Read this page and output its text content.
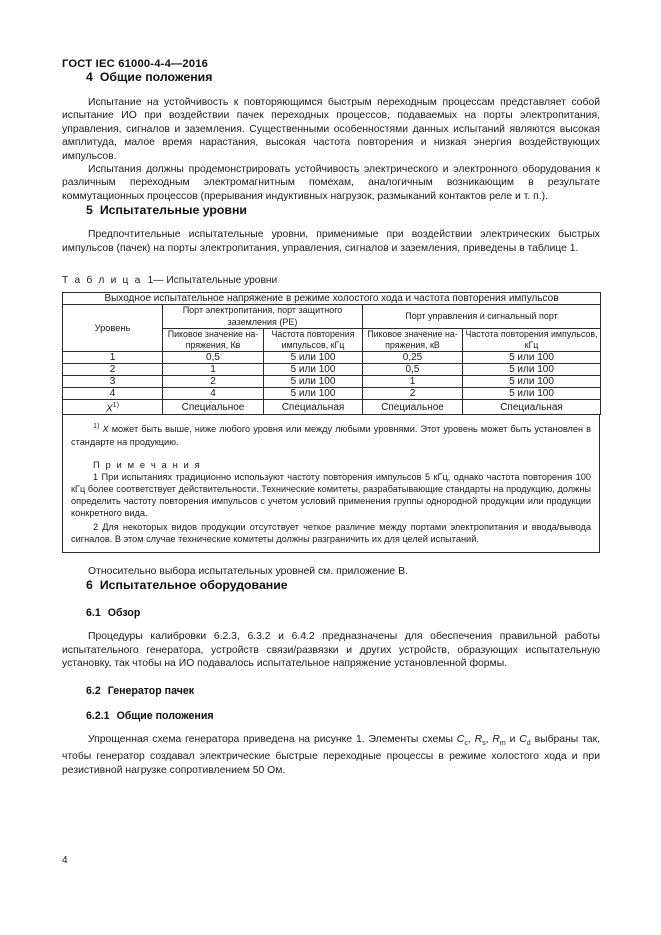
ГОСТ IEC 61000-4-4—2016
4 Общие положения

Испытание на устойчивость к повторяющимся быстрым переходным процессам представляет собой испытание ИО при воздействии пачек переходных процессов, подаваемых на порты электропитания, управления, сигналов и заземления. Существенными особенностями данных испытаний являются высокая амплитуда, малое время нарастания, высокая частота повторения и низкая энергия воздействующих импульсов.

Испытания должны продемонстрировать устойчивость электрического и электронного оборудования к различным переходным электромагнитным помехам, аналогичным возникающим в результате коммутационных процессов (прерывания индуктивных нагрузок, размыканий контактов реле и т. п.).

5 Испытательные уровни

Предпочтительные испытательные уровни, применимые при воздействии электрических быстрых импульсов (пачек) на порты электропитания, управления, сигналов и заземления, приведены в таблице 1.

Т а б л и ц а 1— Испытательные уровни

Выходное испытательное напряжение в режиме холостого хода и частота повторения импульсов				
Уровень	Порт электропитания, порт защитного заземления (PE)		Порт управления и сигнальный порт	
	Пиковое значение напряжения, Кв	Частота повторения импульсов, кГц	Пиковое значение напряжения, кВ	Частота повторения импульсов, кГц
1	0,5	5 или 100	0,25	5 или 100
2	1	5 или 100	0,5	5 или 100
3	2	5 или 100	1	5 или 100
4	4	5 или 100	2	5 или 100
X$^{1)}$	Специальное	Специальная	Специальное	Специальная

$^{1)}$ X может быть выше, ниже любого уровня или между любыми уровнями. Этот уровень может быть установлен в стандарте на продукцию.

П р и м е ч а н и я

1 При испытаниях традиционно используют частоту повторения импульсов 5 кГц, однако частота повторения 100 кГц более соответствует действительности. Технические комитеты, разрабатывающие стандарты на продукцию, должны определить частоту повторения импульсов с учетом условий применения группы однородной продукции или продукции конкретного вида.

2 Для некоторых видов продукции отсутствует четкое различие между портами электропитания и ввода/вывода сигналов. В этом случае технические комитеты должны разграничить их для целей испытаний.

Относительно выбора испытательных уровней см. приложение В.

6 Испытательное оборудование
6.1 Обзор

Процедуры калибровки 6.2.3, 6.3.2 и 6.4.2 предназначены для обеспечения правильной работы испытательного генератора, устройств связи/развязки и других устройств, образующих испытательную установку, так чтобы на ИО подавалось испытательное напряжение установленной формы.

6.2 Генератор пачек
6.2.1 Общие положения

Упрощенная схема генератора приведена на рисунке 1. Элементы схемы $C_c$, $R_s$, $R_m$ и $C_d$ выбраны так, чтобы генератор создавал электрические быстрые переходные процессы в режиме холостого хода и при резистивной нагрузке сопротивлением 50 Ом.

4
